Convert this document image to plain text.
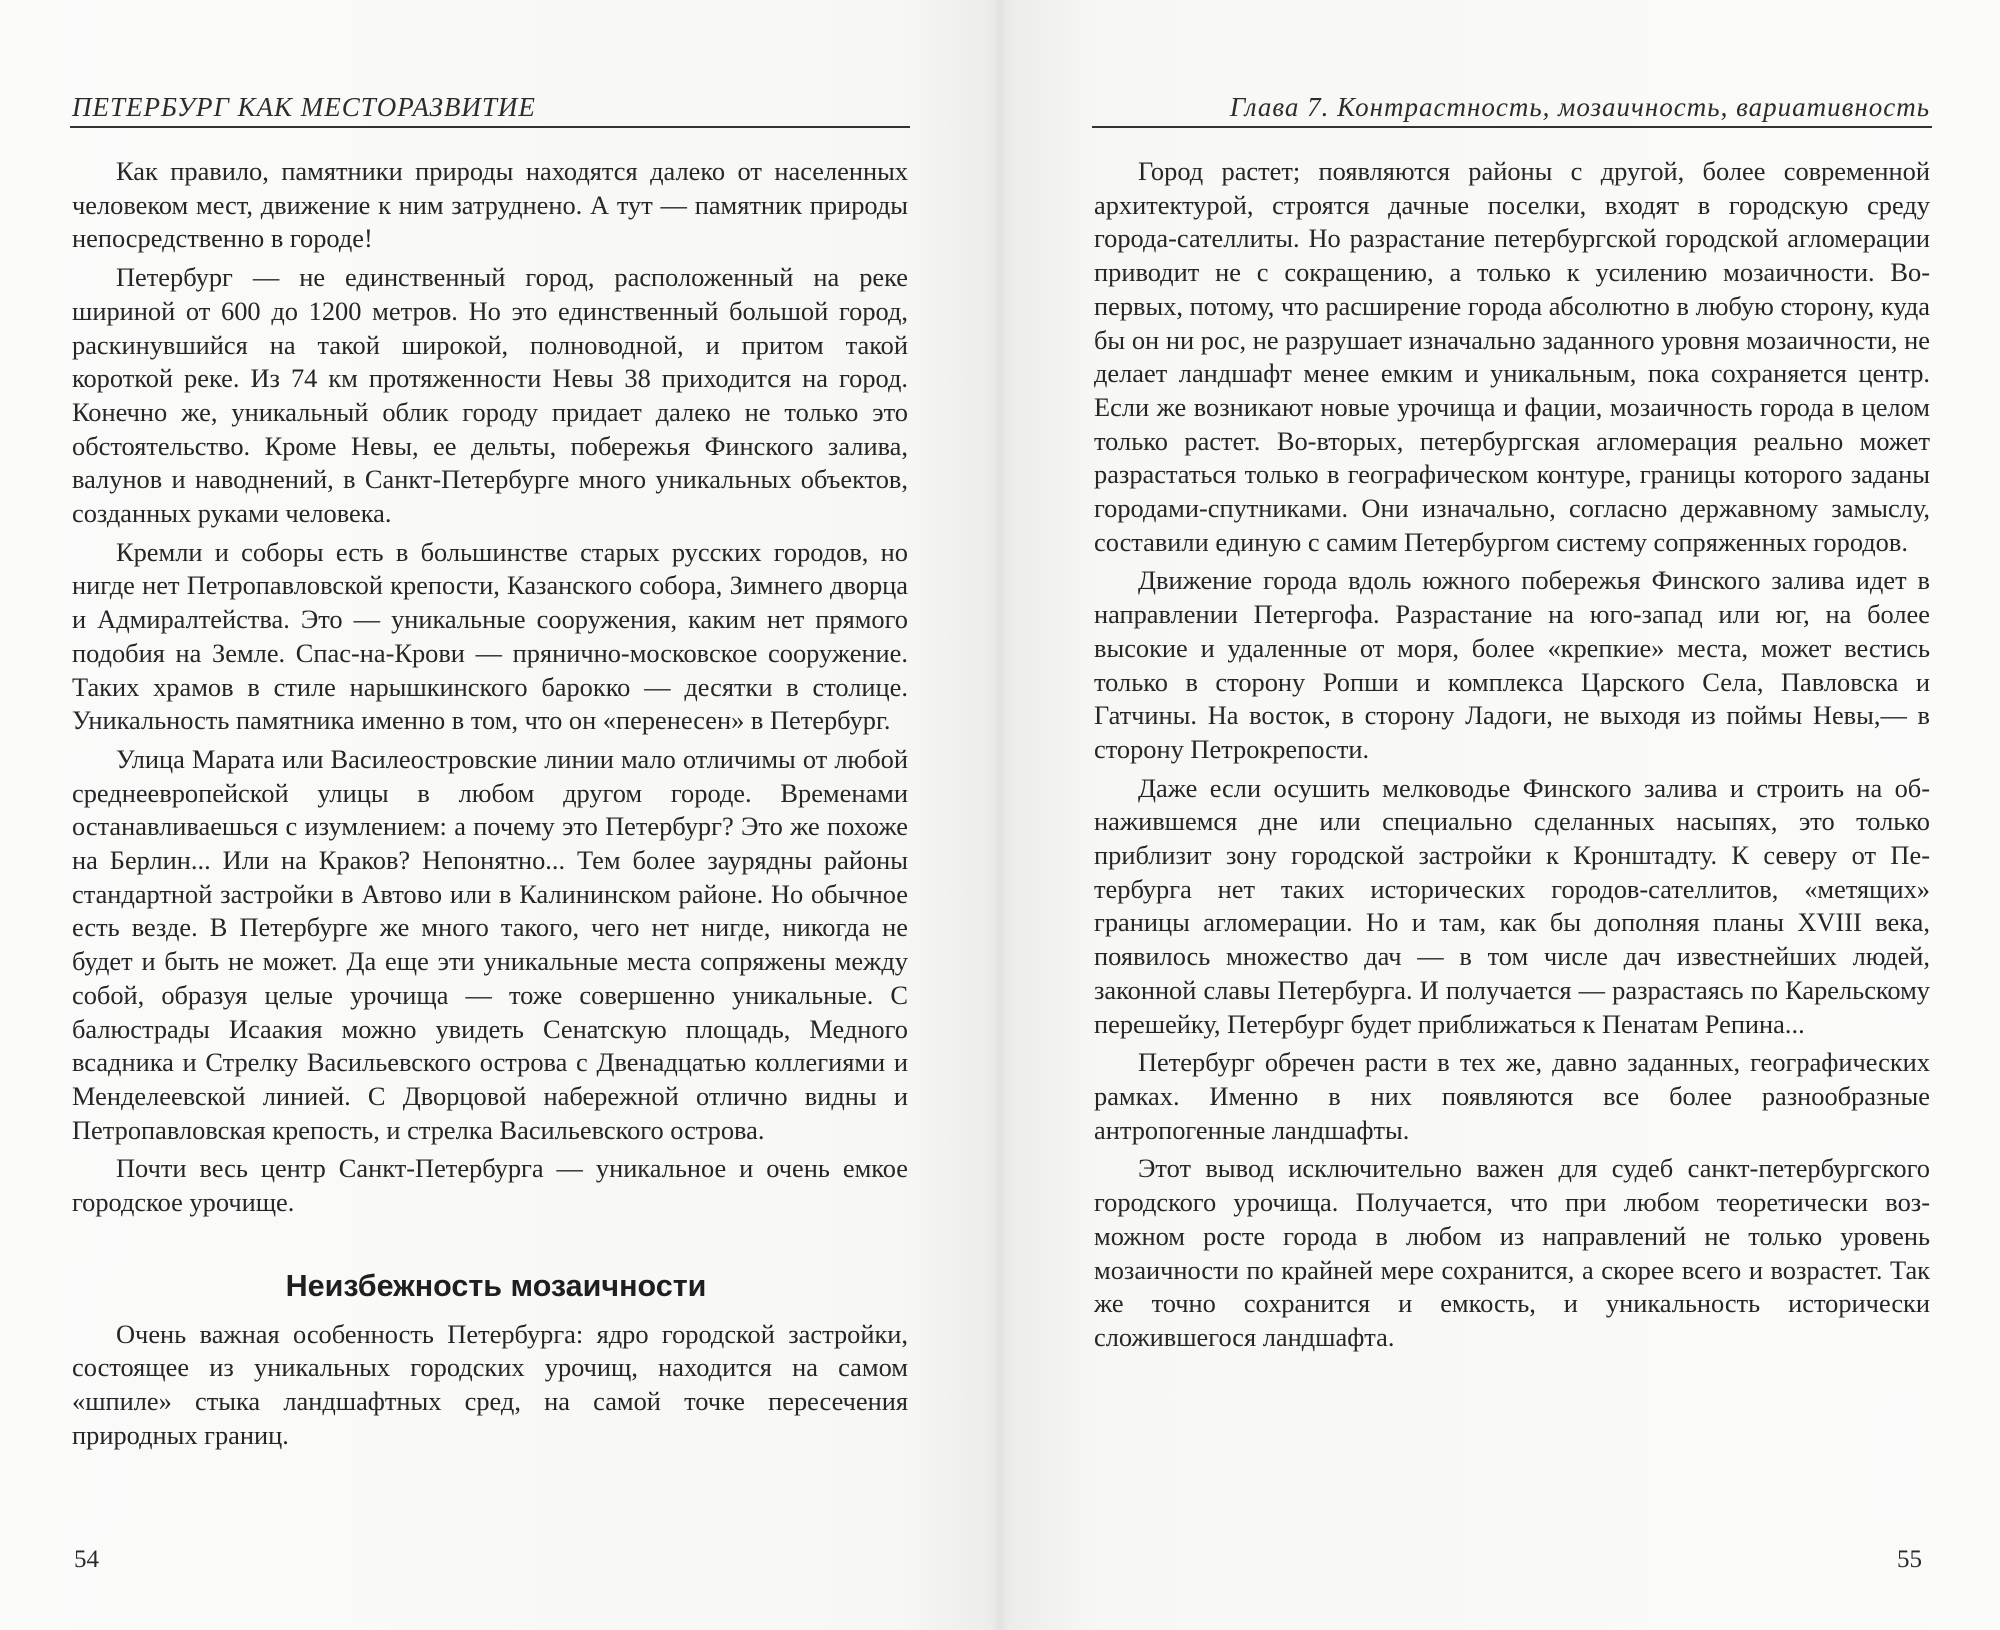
ПЕТЕРБУРГ КАК МЕСТОРАЗВИТИЕ

Как правило, памятники природы находятся далеко от населенных человеком мест, движение к ним затруднено. А тут — памятник природы непосредственно в городе!

Петербург — не единственный город, расположенный на реке шириной от 600 до 1200 метров. Но это единственный большой город, раскинувшийся на такой широкой, полноводной, и притом такой короткой реке. Из 74 км протяженности Невы 38 приходится на город. Конечно же, уникальный облик городу придает далеко не только это обстоятельство. Кроме Невы, ее дельты, побережья Финского залива, валунов и наводнений, в Санкт-Петербурге много уникальных объектов, созданных руками человека.

Кремли и соборы есть в большинстве старых русских городов, но нигде нет Петропавловской крепости, Казанского собора, Зимнего дворца и Адмиралтейства. Это — уникальные сооружения, каким нет прямого подобия на Земле. Спас-на-Крови — прянично-московское сооружение. Таких храмов в стиле нарышкинского барокко — десятки в столице. Уникальность памятника именно в том, что он «перенесен» в Петербург.

Улица Марата или Василеостровские линии мало отличимы от любой среднеевропейской улицы в любом другом городе. Временами останавливаешься с изумлением: а почему это Петербург? Это же похоже на Берлин... Или на Краков? Непонятно... Тем более заурядны районы стандартной застройки в Автово или в Калининском районе. Но обычное есть везде. В Петербурге же много такого, чего нет нигде, никогда не будет и быть не может. Да еще эти уникальные места сопряжены между собой, образуя целые урочища — тоже совершенно уникальные. С балюстрады Исаакия можно увидеть Сенатскую площадь, Медного всадника и Стрелку Васильевского острова с Двенадцатью коллегиями и Менделеевской линией. С Дворцовой набережной отлично видны и Петропавловская крепость, и стрелка Васильевского острова.

Почти весь центр Санкт-Петербурга — уникальное и очень емкое городское урочище.

Неизбежность мозаичности

Очень важная особенность Петербурга: ядро городской застройки, состоящее из уникальных городских урочищ, находится на самом «шпиле» стыка ландшафтных сред, на самой точке пересечения природных границ.

54
Глава 7. Контрастность, мозаичность, вариативность

Город растет; появляются районы с другой, более современной архитектурой, строятся дачные поселки, входят в городскую среду города-сателлиты. Но разрастание петербургской городской агломерации приводит не с сокращению, а только к усилению мозаичности. Во-первых, потому, что расширение города абсолютно в любую сторону, куда бы он ни рос, не разрушает изначально заданного уровня мозаичности, не делает ландшафт менее емким и уникальным, пока сохраняется центр. Если же возникают новые урочища и фации, мозаичность города в целом только растет. Во-вторых, петербургская агломерация реально может разрастаться только в географическом контуре, границы которого заданы городами-спутниками. Они изначально, согласно державному замыслу, составили единую с самим Петербургом систему сопряженных городов.

Движение города вдоль южного побережья Финского залива идет в направлении Петергофа. Разрастание на юго-запад или юг, на более высокие и удаленные от моря, более «крепкие» места, может вестись только в сторону Ропши и комплекса Царского Села, Павловска и Гатчины. На восток, в сторону Ладоги, не выходя из поймы Невы,— в сторону Петрокрепости.

Даже если осушить мелководье Финского залива и строить на обнажившемся дне или специально сделанных насыпях, это только приблизит зону городской застройки к Кронштадту. К северу от Петербурга нет таких исторических городов-сателлитов, «метящих» границы агломерации. Но и там, как бы дополняя планы XVIII века, появилось множество дач — в том числе дач известнейших людей, законной славы Петербурга. И получается — разрастаясь по Карельскому перешейку, Петербург будет приближаться к Пенатам Репина...

Петербург обречен расти в тех же, давно заданных, географических рамках. Именно в них появляются все более разнообразные антропогенные ландшафты.

Этот вывод исключительно важен для судеб санкт-петербургского городского урочища. Получается, что при любом теоретически возможном росте города в любом из направлений не только уровень мозаичности по крайней мере сохранится, а скорее всего и возрастет. Так же точно сохранится и емкость, и уникальность исторически сложившегося ландшафта.

55
